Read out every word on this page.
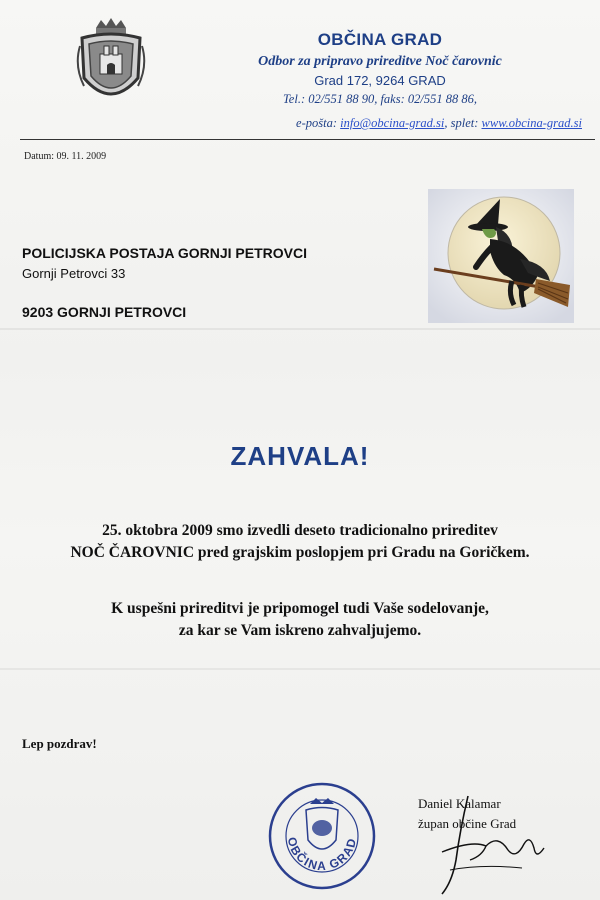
OBČINA GRAD
Odbor za pripravo prireditve Noč čarovnic
Grad 172, 9264 GRAD
Tel.: 02/551 88 90, faks: 02/551 88 86,
e-pošta: info@obcina-grad.si, splet: www.obcina-grad.si
Datum: 09. 11. 2009
POLICIJSKA POSTAJA GORNJI PETROVCI
Gornji Petrovci 33
9203 GORNJI PETROVCI
ZAHVALA!
25. oktobra 2009 smo izvedli deseto tradicionalno prireditev
NOČ ČAROVNIC pred grajskim poslopjem pri Gradu na Goričkem.
K uspešni prireditvi je pripomogel tudi Vaše sodelovanje,
za kar se Vam iskreno zahvaljujemo.
Lep pozdrav!
OBČINA GRAD
Daniel Kalamar
župan občine Grad
